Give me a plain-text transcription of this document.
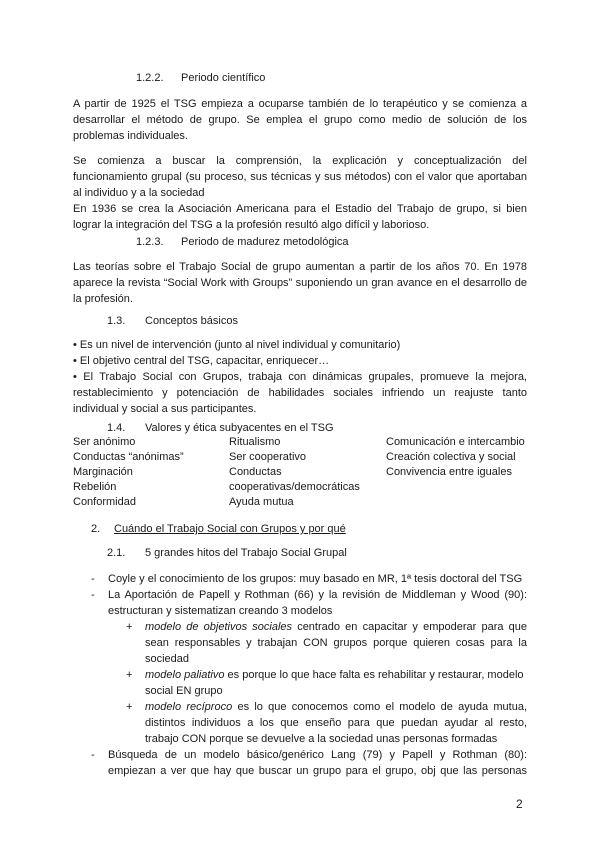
1.2.2. Periodo científico
A partir de 1925 el TSG empieza a ocuparse también de lo terapéutico y se comienza a
desarrollar el método de grupo. Se emplea el grupo como medio de solución de los
problemas individuales.
Se comienza a buscar la comprensión, la explicación y conceptualización del
funcionamiento grupal (su proceso, sus técnicas y sus métodos) con el valor que aportaban
al individuo y a la sociedad
En 1936 se crea la Asociación Americana para el Estadio del Trabajo de grupo, si bien
lograr la integración del TSG a la profesión resultó algo difícil y laborioso.
1.2.3. Periodo de madurez metodológica
Las teorías sobre el Trabajo Social de grupo aumentan a partir de los años 70. En 1978
aparece la revista “Social Work with Groups” suponiendo un gran avance en el desarrollo de
la profesión.
1.3. Conceptos básicos
• Es un nivel de intervención (junto al nivel individual y comunitario)
• El objetivo central del TSG, capacitar, enriquecer…
• El Trabajo Social con Grupos, trabaja con dinámicas grupales, promueve la mejora,
restablecimiento y potenciación de habilidades sociales infriendo un reajuste tanto
individual y social a sus participantes.
1.4. Valores y ética subyacentes en el TSG
Ser anónimo
Conductas “anónimas”
Marginación
Rebelión
Conformidad
Ritualismo
Ser cooperativo
Conductas
cooperativas/democráticas
Ayuda mutua
Comunicación e intercambio
Creación colectiva y social
Convivencia entre iguales
2. Cuándo el Trabajo Social con Grupos y por qué
2.1. 5 grandes hitos del Trabajo Social Grupal
- Coyle y el conocimiento de los grupos: muy basado en MR, 1ª tesis doctoral del TSG
- La Aportación de Papell y Rothman (66) y la revisión de Middleman y Wood (90):
estructuran y sistematizan creando 3 modelos
+ modelo de objetivos sociales centrado en capacitar y empoderar para que
sean responsables y trabajan CON grupos porque quieren cosas para la
sociedad
+ modelo paliativo es porque lo que hace falta es rehabilitar y restaurar, modelo
social EN grupo
+ modelo recíproco es lo que conocemos como el modelo de ayuda mutua,
distintos individuos a los que enseño para que puedan ayudar al resto,
trabajo CON porque se devuelve a la sociedad unas personas formadas
- Búsqueda de un modelo básico/genérico Lang (79) y Papell y Rothman (80):
empiezan a ver que hay que buscar un grupo para el grupo, obj que las personas
2
